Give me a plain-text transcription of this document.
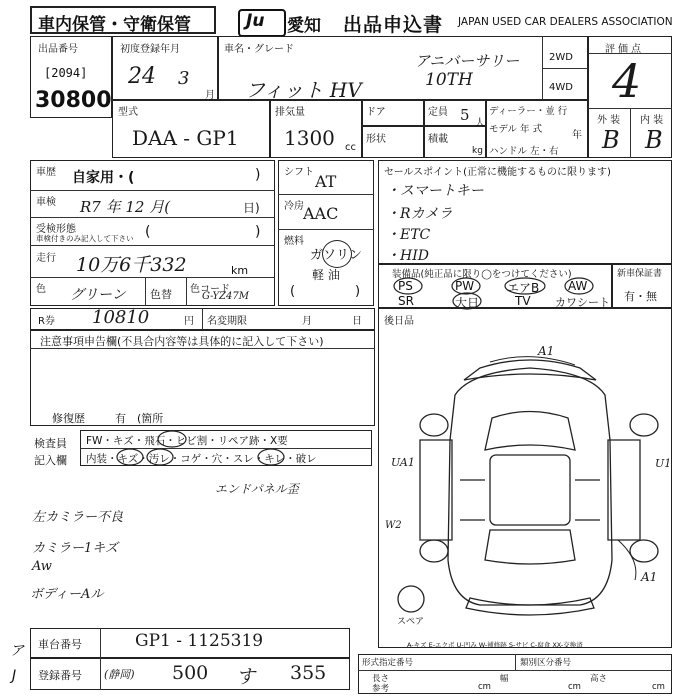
車内保管・守衛保管	Ju 愛知 出品申込書 JAPAN USED CAR DEALERS ASSOCIATION
出品番号
[2094]
30800
初度登録年月
24 3
月
車名・グレード
フィット HV
アニバーサリー
10TH
2WD
4WD
評価点
4
外 装 内 装
B B
型式
DAA - GP1
排気量
1300 cc
ドア	定員 5 人
形状	積載
kg
ディーラー・並 行
モデル 年 式
年
ハンドル 左・右
車歴 自家用・(	)
車検 R7 年 12 月(	日)
受検形態
車検付きのみ記入して下さい (	)
走行 10万6千332	km
色 グリーン 色替 色コード
G-YZ47M
シフト AT
冷房 AAC
燃料
ガソリン
軽 油
(	)
セールスポイント(正常に機能するものに限ります)
・スマートキー
・Rカメラ
・ETC
・HID
装備品(純正品に限り◯をつけてください)
PS	PW	エアB AW
SR	大日	TV カワシート
新車保証書
有・無
R券 10810	円 名変期限	月	日 後日品
注意事項申告欄(不具合内容等は具体的に記入して下さい)
修復歴	有 (箇所
検査員
記入欄
FW・キズ・飛石・ヒビ割・リペア跡・X要
内装・キズ・汚レ・コゲ・穴・スレ・キレ・破レ
エンドパネル歪
左カミラー不良
カミラー1キズ
Aw
ボディーAル
A1
UA1	U1
W2
A1
スペア
A-キズ E-エクボ U-凹み W-補修跡 S-サビ C-腐食 XX-交換済
ア
J
車台番号	GP1 - 1125319
登録番号 (静岡) 500 す 355	形式指定番号	類別区分番号
長さ
参考	cm
幅
cm
高さ
cm
